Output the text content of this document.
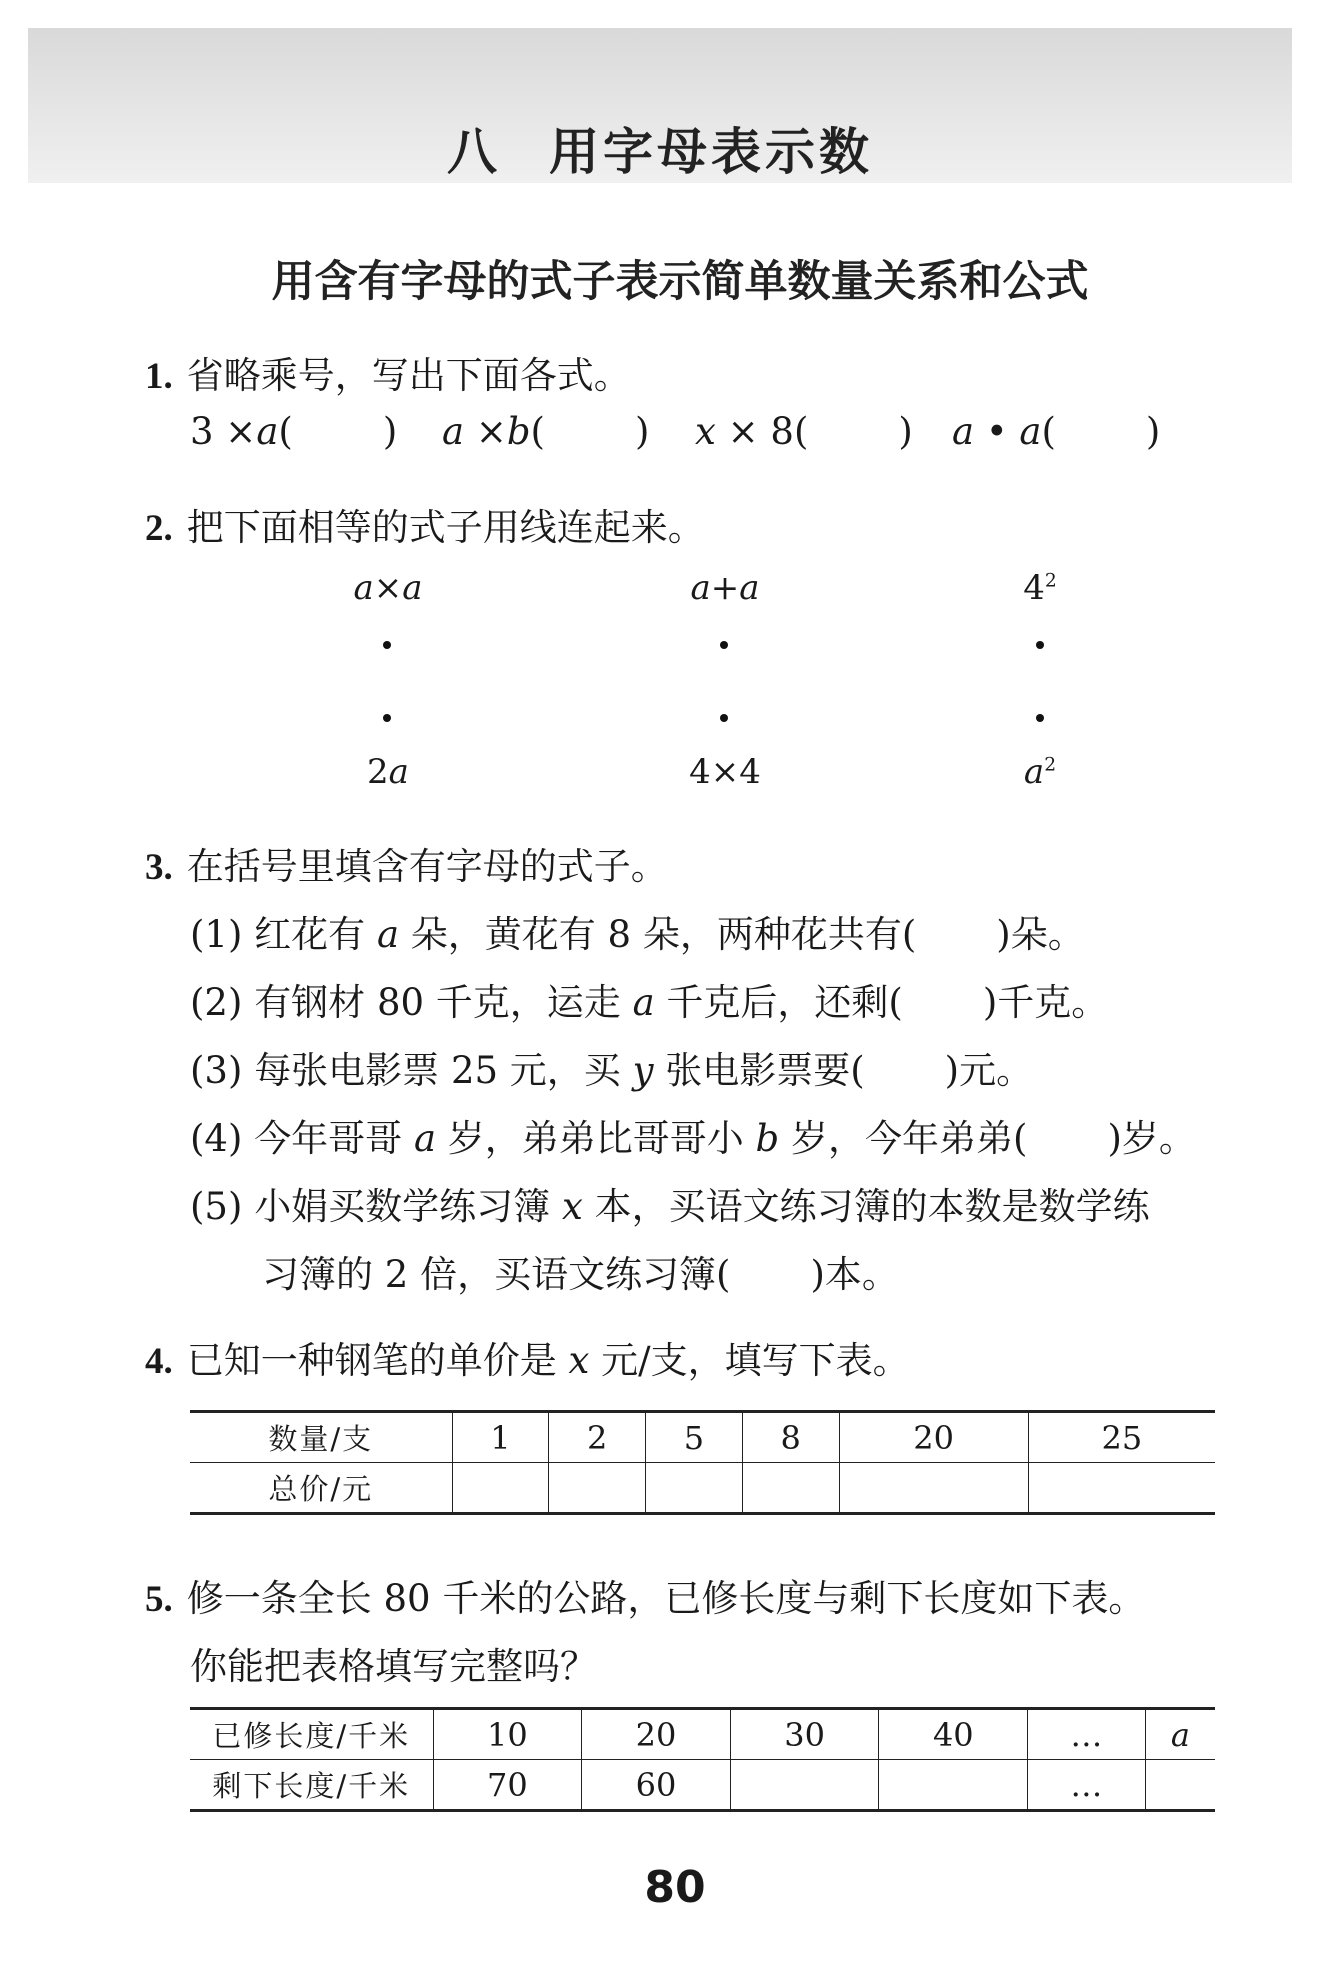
八 用字母表示数
用含有字母的式子表示简单数量关系和公式
1. 省略乘号，写出下面各式。
3 ×a( ) a ×b( ) x × 8( ) a • a( )
2. 把下面相等的式子用线连起来。
a×a	a+a	$4^2$
2a	4×4	$a^2$
3. 在括号里填含有字母的式子。
(1) 红花有 a 朵，黄花有 8 朵，两种花共有( )朵。
(2) 有钢材 80 千克，运走 a 千克后，还剩( )千克。
(3) 每张电影票 25 元，买 y 张电影票要( )元。
(4) 今年哥哥 a 岁，弟弟比哥哥小 b 岁，今年弟弟( )岁。
(5) 小娟买数学练习簿 x 本，买语文练习簿的本数是数学练
习簿的 2 倍，买语文练习簿( )本。
4. 已知一种钢笔的单价是 x 元/支，填写下表。
数量/支	1	2	5	8	20	25
总价/元						
5. 修一条全长 80 千米的公路，已修长度与剩下长度如下表。
你能把表格填写完整吗？
已修长度/千米	10	20	30	40	…	a
剩下长度/千米	70	60			…	
80
